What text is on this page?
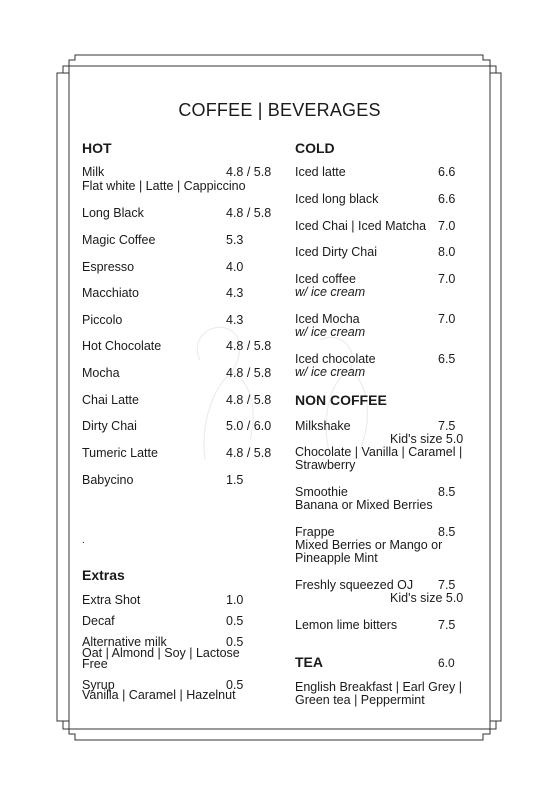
COFFEE | BEVERAGES
HOT
Milk	4.8 / 5.8
Flat white | Latte | Cappiccino
Long Black	4.8 / 5.8
Magic Coffee	5.3
Espresso	4.0
Macchiato	4.3
Piccolo	4.3
Hot Chocolate	4.8 / 5.8
Mocha	4.8 / 5.8
Chai Latte	4.8 / 5.8
Dirty Chai	5.0 / 6.0
Tumeric Latte	4.8 / 5.8
Babycino	1.5
.
Extras
Extra Shot	1.0
Decaf	0.5
Alternative milk	0.5
Oat | Almond | Soy | Lactose
Free
Syrup	0.5
Vanilla | Caramel | Hazelnut
COLD
Iced latte	6.6
Iced long black	6.6
Iced Chai | Iced Matcha 7.0
Iced Dirty Chai	8.0
Iced coffee	7.0
w/ ice cream
Iced Mocha	7.0
w/ ice cream
Iced chocolate	6.5
w/ ice cream
NON COFFEE
Milkshake	7.5
Kid's size 5.0
Chocolate | Vanilla | Caramel |
Strawberry
Smoothie	8.5
Banana or Mixed Berries
Frappe	8.5
Mixed Berries or Mango or
Pineapple Mint
Freshly squeezed OJ 7.5
Kid's size 5.0
Lemon lime bitters	7.5
TEA	6.0
English Breakfast | Earl Grey |
Green tea | Peppermint
